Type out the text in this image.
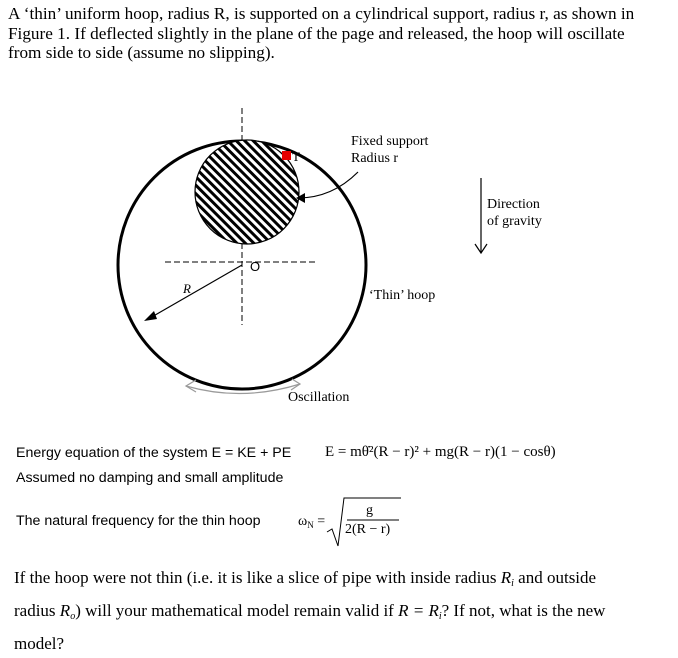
A ‘thin’ uniform hoop, radius R, is supported on a cylindrical support, radius r, as shown in
Figure 1. If deflected slightly in the plane of the page and released, the hoop will oscillate
from side to side (assume no slipping).
Fixed support
Radius r
T
O
R
Direction
of gravity
‘Thin’ hoop
Oscillation
Energy equation of the system E = KE + PE E = mθ̇²(R − r)² + mg(R − r)(1 − cosθ)
Assumed no damping and small amplitude
The natural frequency for the thin hoop	$\omega_N$ =
g
2(R − r)
If the hoop were not thin (i.e. it is like a slice of pipe with inside radius $R_i$ and outside
radius $R_o$) will your mathematical model remain valid if $R = R_i$? If not, what is the new
model?
